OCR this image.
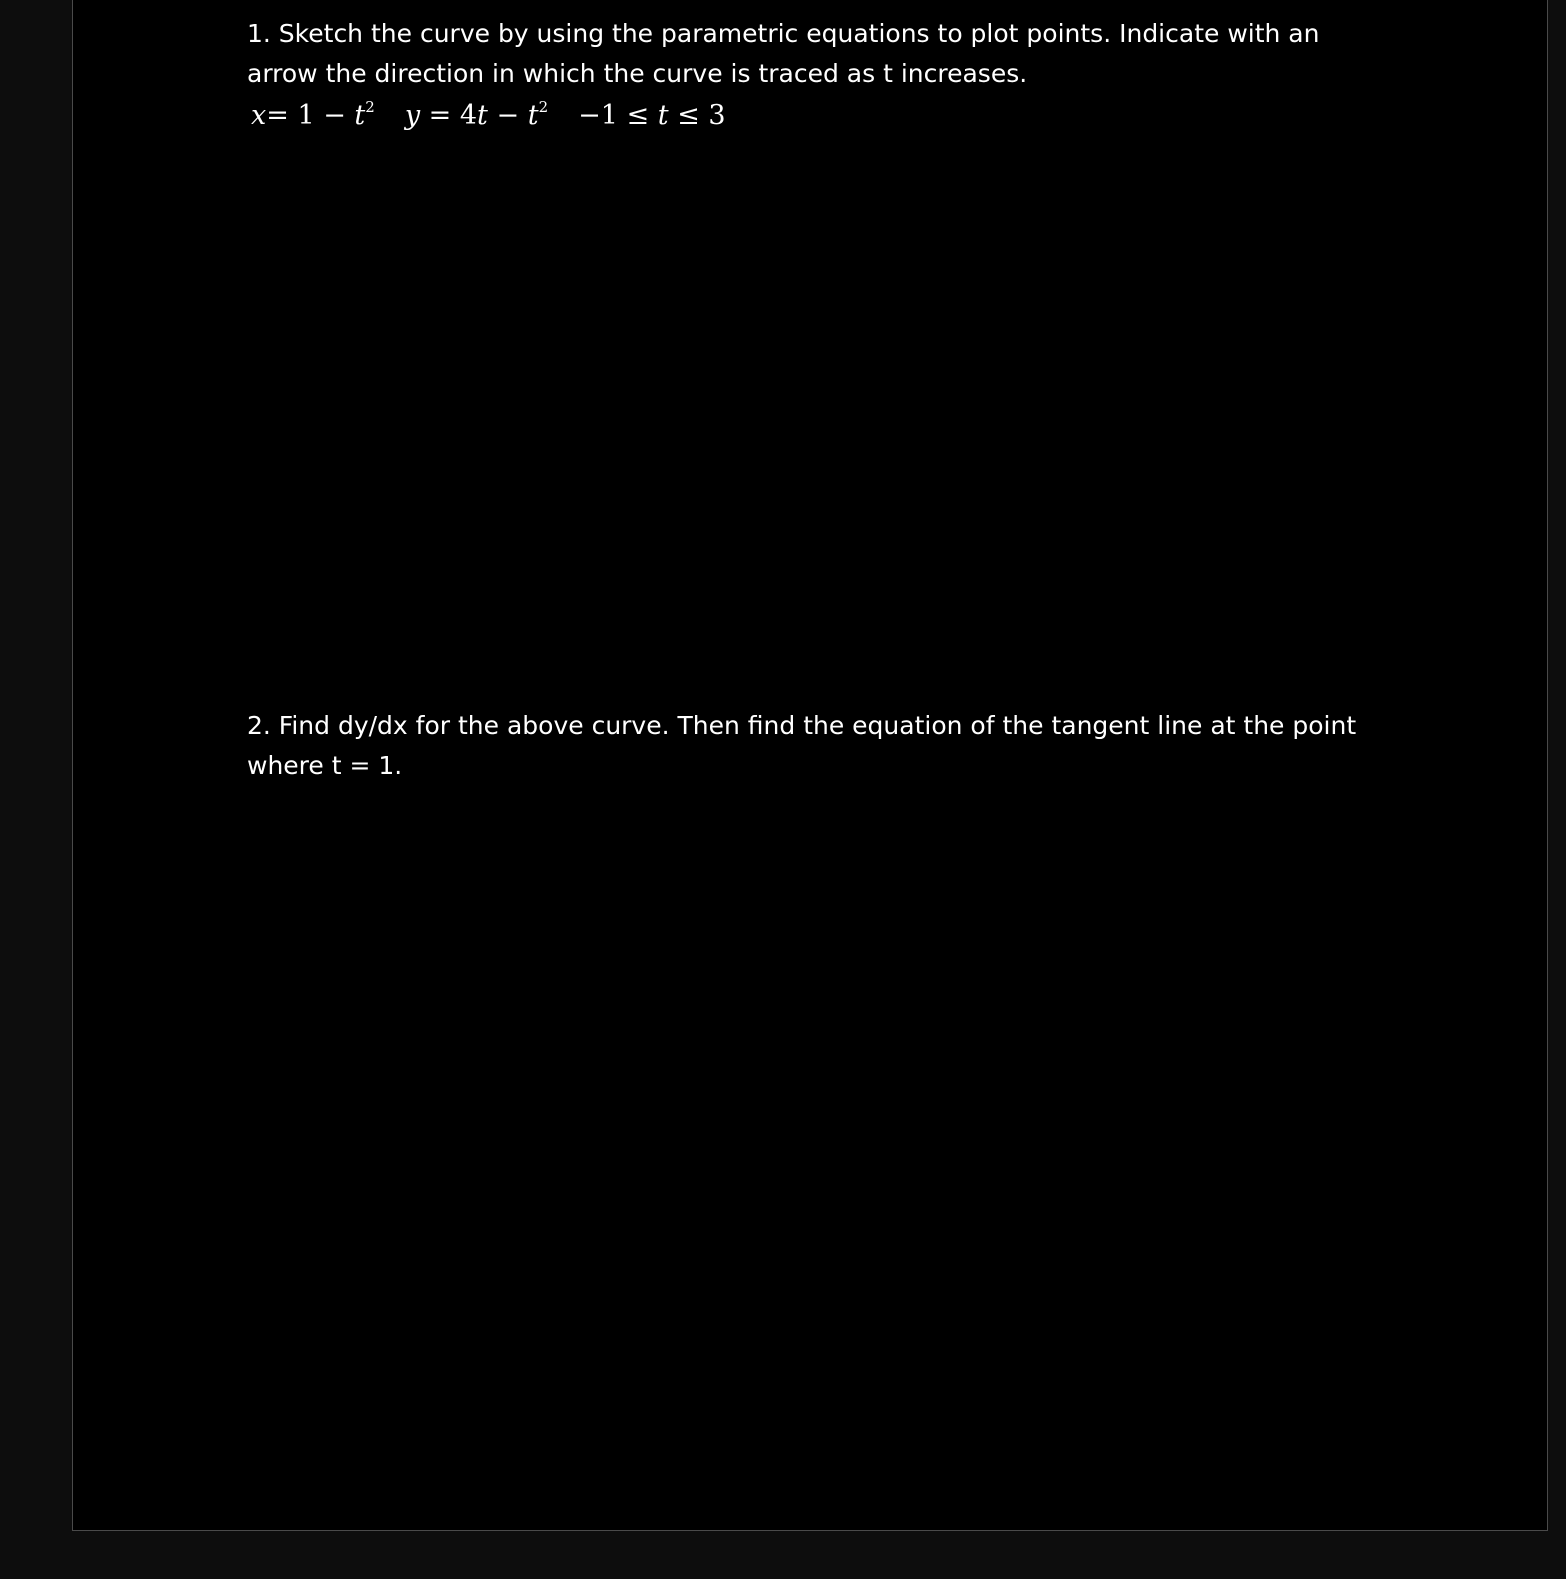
1. Sketch the curve by using the parametric equations to plot points. Indicate with an
arrow the direction in which the curve is traced as t increases.
$x= 1 - t^2$ $y = 4t - t^2 -1 \le t \le 3$
2. Find dy/dx for the above curve. Then find the equation of the tangent line at the point
where t = 1.
